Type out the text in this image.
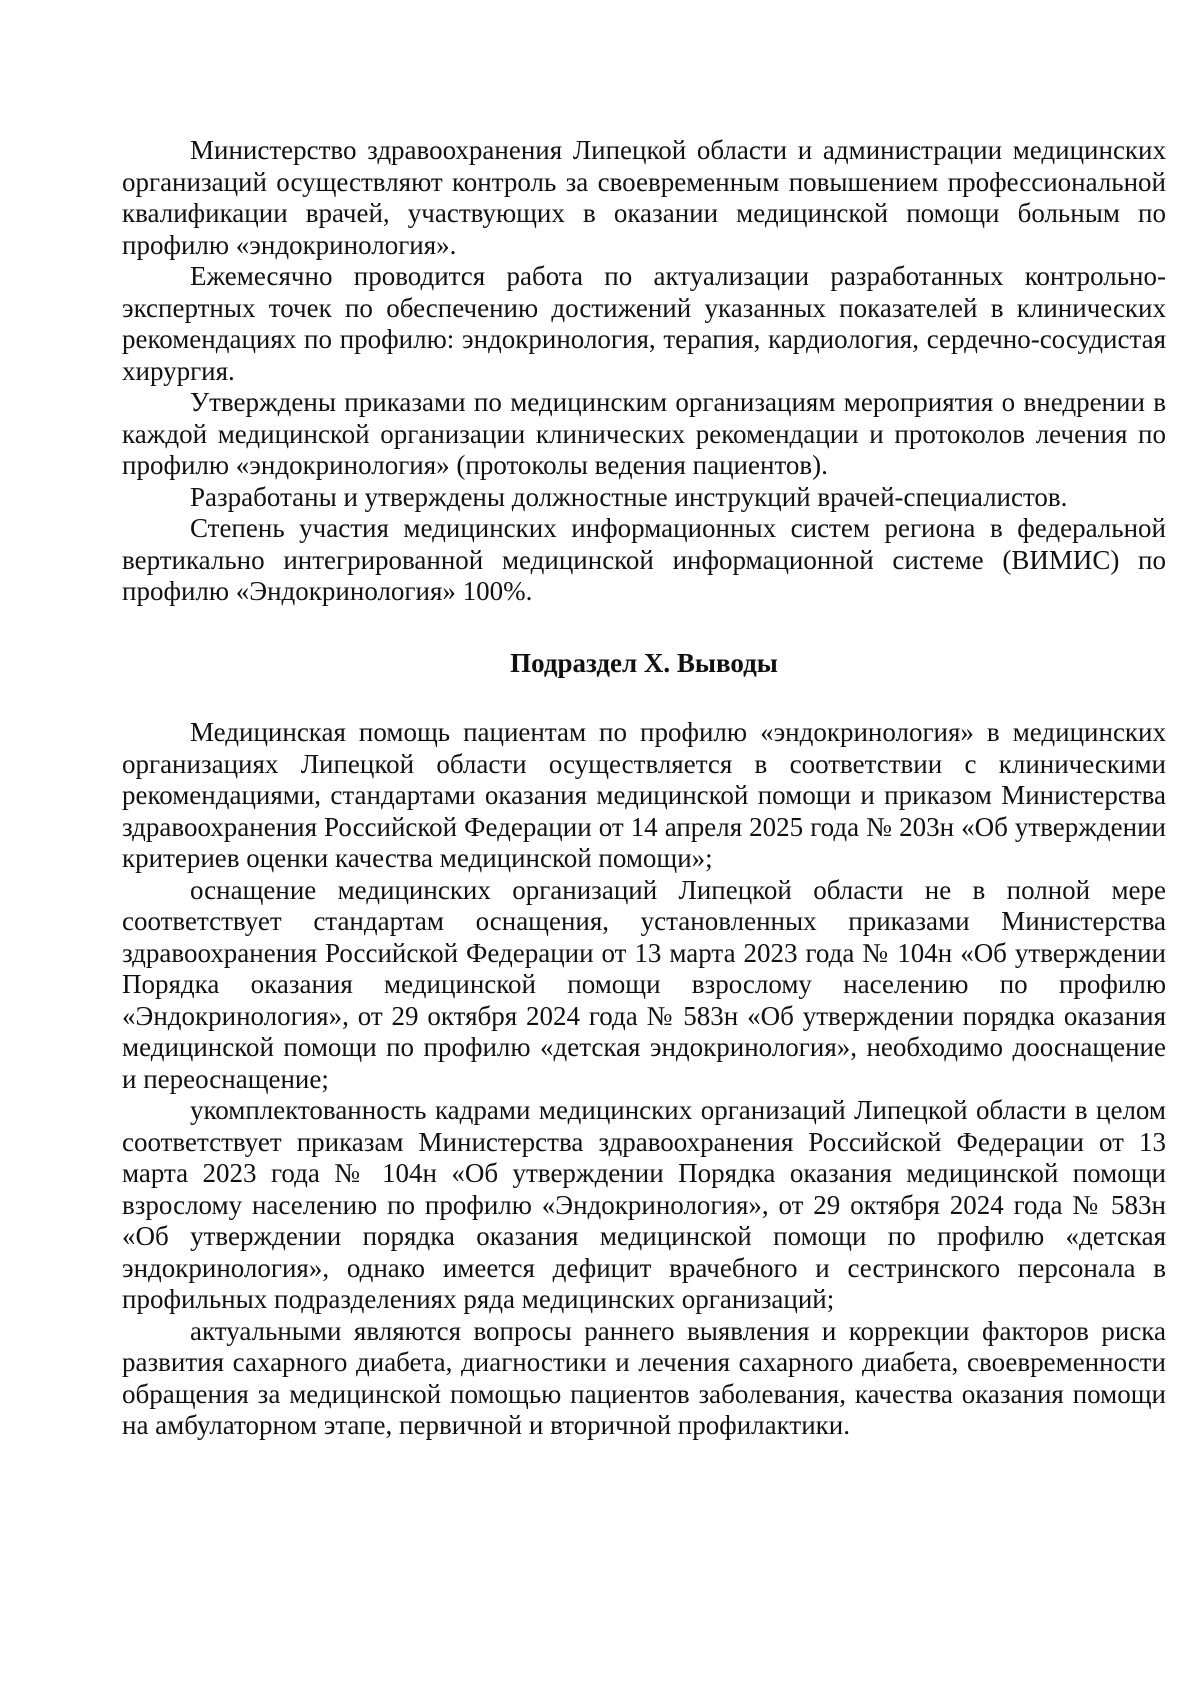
Министерство здравоохранения Липецкой области и администрации медицинских организаций осуществляют контроль за своевременным повышением профессиональной квалификации врачей, участвующих в оказании медицинской помощи больным по профилю «эндокринология».

Ежемесячно проводится работа по актуализации разработанных контрольно-экспертных точек по обеспечению достижений указанных показателей в клинических рекомендациях по профилю: эндокринология, терапия, кардиология, сердечно-сосудистая хирургия.

Утверждены приказами по медицинским организациям мероприятия о внедрении в каждой медицинской организации клинических рекомендации и протоколов лечения по профилю «эндокринология» (протоколы ведения пациентов).

Разработаны и утверждены должностные инструкций врачей-специалистов.

Степень участия медицинских информационных систем региона в федеральной вертикально интегрированной медицинской информационной системе (ВИМИС) по профилю «Эндокринология» 100%.

Подраздел X. Выводы

Медицинская помощь пациентам по профилю «эндокринология» в медицинских организациях Липецкой области осуществляется в соответствии с клиническими рекомендациями, стандартами оказания медицинской помощи и приказом Министерства здравоохранения Российской Федерации от 14 апреля 2025 года № 203н «Об утверждении критериев оценки качества медицинской помощи»;

оснащение медицинских организаций Липецкой области не в полной мере соответствует стандартам оснащения, установленных приказами Министерства здравоохранения Российской Федерации от 13 марта 2023 года № 104н «Об утверждении Порядка оказания медицинской помощи взрослому населению по профилю «Эндокринология», от 29 октября 2024 года № 583н «Об утверждении порядка оказания медицинской помощи по профилю «детская эндокринология», необходимо дооснащение и переоснащение;

укомплектованность кадрами медицинских организаций Липецкой области в целом соответствует приказам Министерства здравоохранения Российской Федерации от 13 марта 2023 года № 104н «Об утверждении Порядка оказания медицинской помощи взрослому населению по профилю «Эндокринология», от 29 октября 2024 года № 583н «Об утверждении порядка оказания медицинской помощи по профилю «детская эндокринология», однако имеется дефицит врачебного и сестринского персонала в профильных подразделениях ряда медицинских организаций;

актуальными являются вопросы раннего выявления и коррекции факторов риска развития сахарного диабета, диагностики и лечения сахарного диабета, своевременности обращения за медицинской помощью пациентов заболевания, качества оказания помощи на амбулаторном этапе, первичной и вторичной профилактики.
